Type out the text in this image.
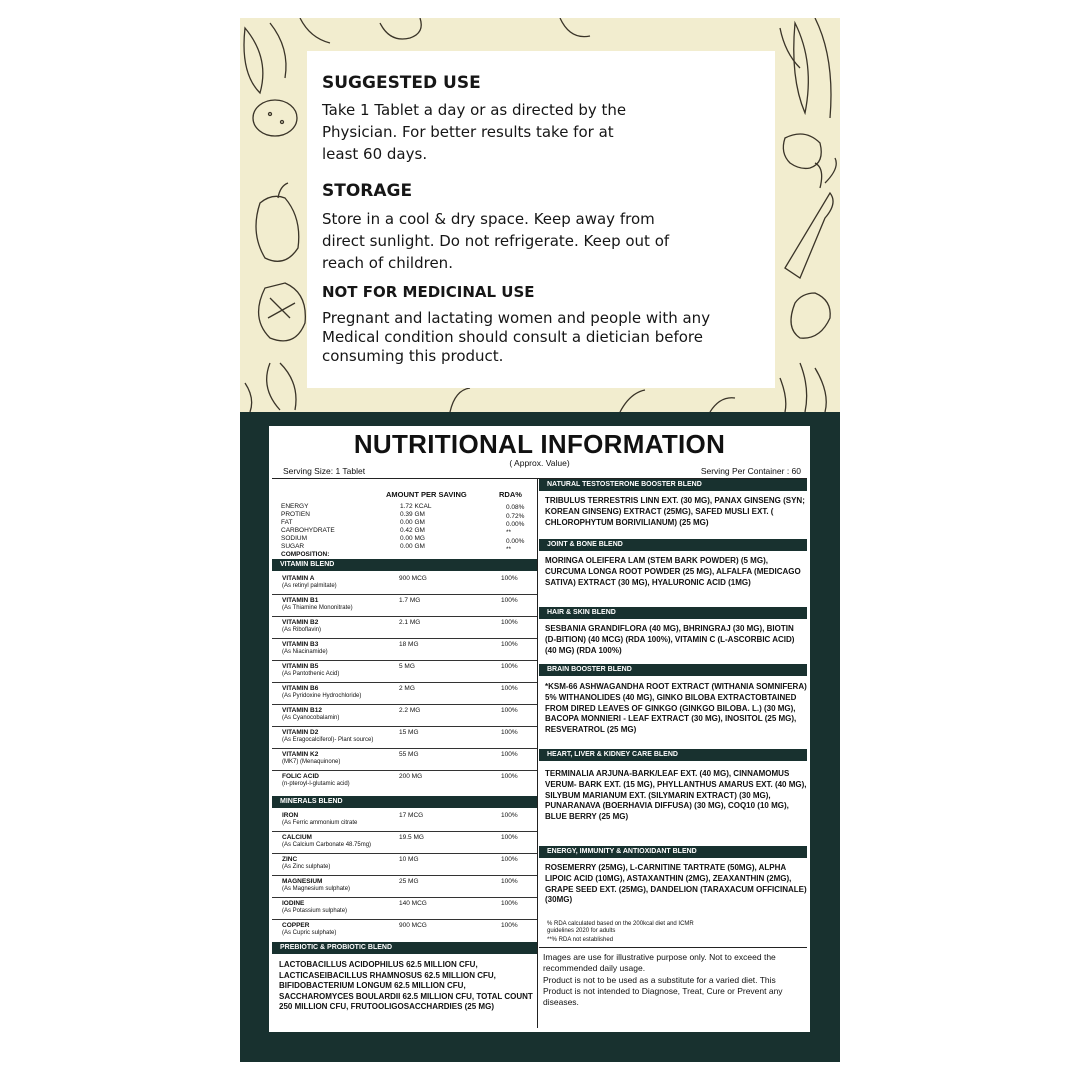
SUGGESTED USE

Take 1 Tablet a day or as directed by the Physician. For better results take for at least 60 days.

STORAGE

Store in a cool & dry space. Keep away from direct sunlight. Do not refrigerate. Keep out of reach of children.

NOT FOR MEDICINAL USE

Pregnant and lactating women and people with any Medical condition should consult a dietician before consuming this product.

NUTRITIONAL INFORMATION
( Approx. Value)
Serving Size: 1 Tablet	Serving Per Container : 60
AMOUNT PER SAVING	RDA%
ENERGY	1.72 KCAL	0.08%
PROTIEN	0.39 GM	0.72%
FAT	0.00 GM	0.00%
CARBOHYDRATE	0.42 GM	**
SODIUM	0.00 MG	0.00%
SUGAR	0.00 GM	**
COMPOSITION:
VITAMIN BLEND
VITAMIN A
(As retinyl palmitate)
900 MCG	100%
VITAMIN B1
(As Thiamine Mononitrate)
1.7 MG	100%
VITAMIN B2
(As Riboflavin)
2.1 MG	100%
VITAMIN B3
(As Niacinamide)
18 MG	100%
VITAMIN B5
(As Pantothenic Acid)
5 MG	100%
VITAMIN B6
(As Pyridoxine Hydrochloride)
2 MG	100%
VITAMIN B12
(As Cyanocobalamin)
2.2 MG	100%
VITAMIN D2
(As Eragocalciferol)- Plant source)
15 MG	100%
VITAMIN K2
(MK7) (Menaquinone)
55 MG	100%
FOLIC ACID
(n-pteroyl-l-glutamic acid)
200 MG	100%
MINERALS BLEND
IRON
(As Ferric ammonium citrate
17 MCG	100%
CALCIUM
(As Calcium Carbonate 48.75mg)
19.5 MG	100%
ZINC
(As Zinc sulphate)
10 MG	100%
MAGNESIUM
(As Magnesium sulphate)
25 MG	100%
IODINE
(As Potassium sulphate)
140 MCG	100%
COPPER
(As Cupric sulphate)
900 MCG	100%
PREBIOTIC & PROBIOTIC BLEND
LACTOBACILLUS ACIDOPHILUS 62.5 MILLION CFU, LACTICASEIBACILLUS RHAMNOSUS 62.5 MILLION CFU, BIFIDOBACTERIUM LONGUM 62.5 MILLION CFU, SACCHAROMYCES BOULARDII 62.5 MILLION CFU, TOTAL COUNT 250 MILLION CFU, FRUTOOLIGOSACCHARDIES (25 MG)
NATURAL TESTOSTERONE BOOSTER BLEND
TRIBULUS TERRESTRIS LINN EXT. (30 MG), PANAX GINSENG (SYN; KOREAN GINSENG) EXTRACT (25MG), SAFED MUSLI EXT. ( CHLOROPHYTUM BORIVILIANUM) (25 MG)
JOINT & BONE BLEND
MORINGA OLEIFERA LAM (STEM BARK POWDER) (5 MG), CURCUMA LONGA ROOT POWDER (25 MG), ALFALFA (MEDICAGO SATIVA) EXTRACT (30 MG), HYALURONIC ACID (1MG)
HAIR & SKIN BLEND
SESBANIA GRANDIFLORA (40 MG), BHRINGRAJ (30 MG), BIOTIN (D-BITION) (40 MCG) (RDA 100%), VITAMIN C (L-ASCORBIC ACID) (40 MG) (RDA 100%)
BRAIN BOOSTER BLEND
*KSM-66 ASHWAGANDHA ROOT EXTRACT (WITHANIA SOMNIFERA) 5% WITHANOLIDES (40 MG), GINKO BILOBA EXTRACTOBTAINED FROM DIRED LEAVES OF GINKGO (GINKGO BILOBA. L.) (30 MG), BACOPA MONNIERI - LEAF EXTRACT (30 MG), INOSITOL (25 MG), RESVERATROL (25 MG)
HEART, LIVER & KIDNEY CARE BLEND
TERMINALIA ARJUNA-BARK/LEAF EXT. (40 MG), CINNAMOMUS VERUM- BARK EXT. (15 MG), PHYLLANTHUS AMARUS EXT. (40 MG), SILYBUM MARIANUM EXT. (SILYMARIN EXTRACT) (30 MG), PUNARANAVA (BOERHAVIA DIFFUSA) (30 MG), COQ10 (10 MG), BLUE BERRY (25 MG)
ENERGY, IMMUNITY & ANTIOXIDANT BLEND
ROSEMERRY (25MG), L-CARNITINE TARTRATE (50MG), ALPHA LIPOIC ACID (10MG), ASTAXANTHIN (2MG), ZEAXANTHIN (2MG), GRAPE SEED EXT. (25MG), DANDELION (TARAXACUM OFFICINALE) (30MG)
% RDA calculated based on the 200kcal diet and ICMR
guidelines 2020 for adults
**% RDA not established
Images are use for illustrative purpose only. Not to exceed the recommended daily usage.
Product is not to be used as a substitute for a varied diet. This Product is not intended to Diagnose, Treat, Cure or Prevent any diseases.
